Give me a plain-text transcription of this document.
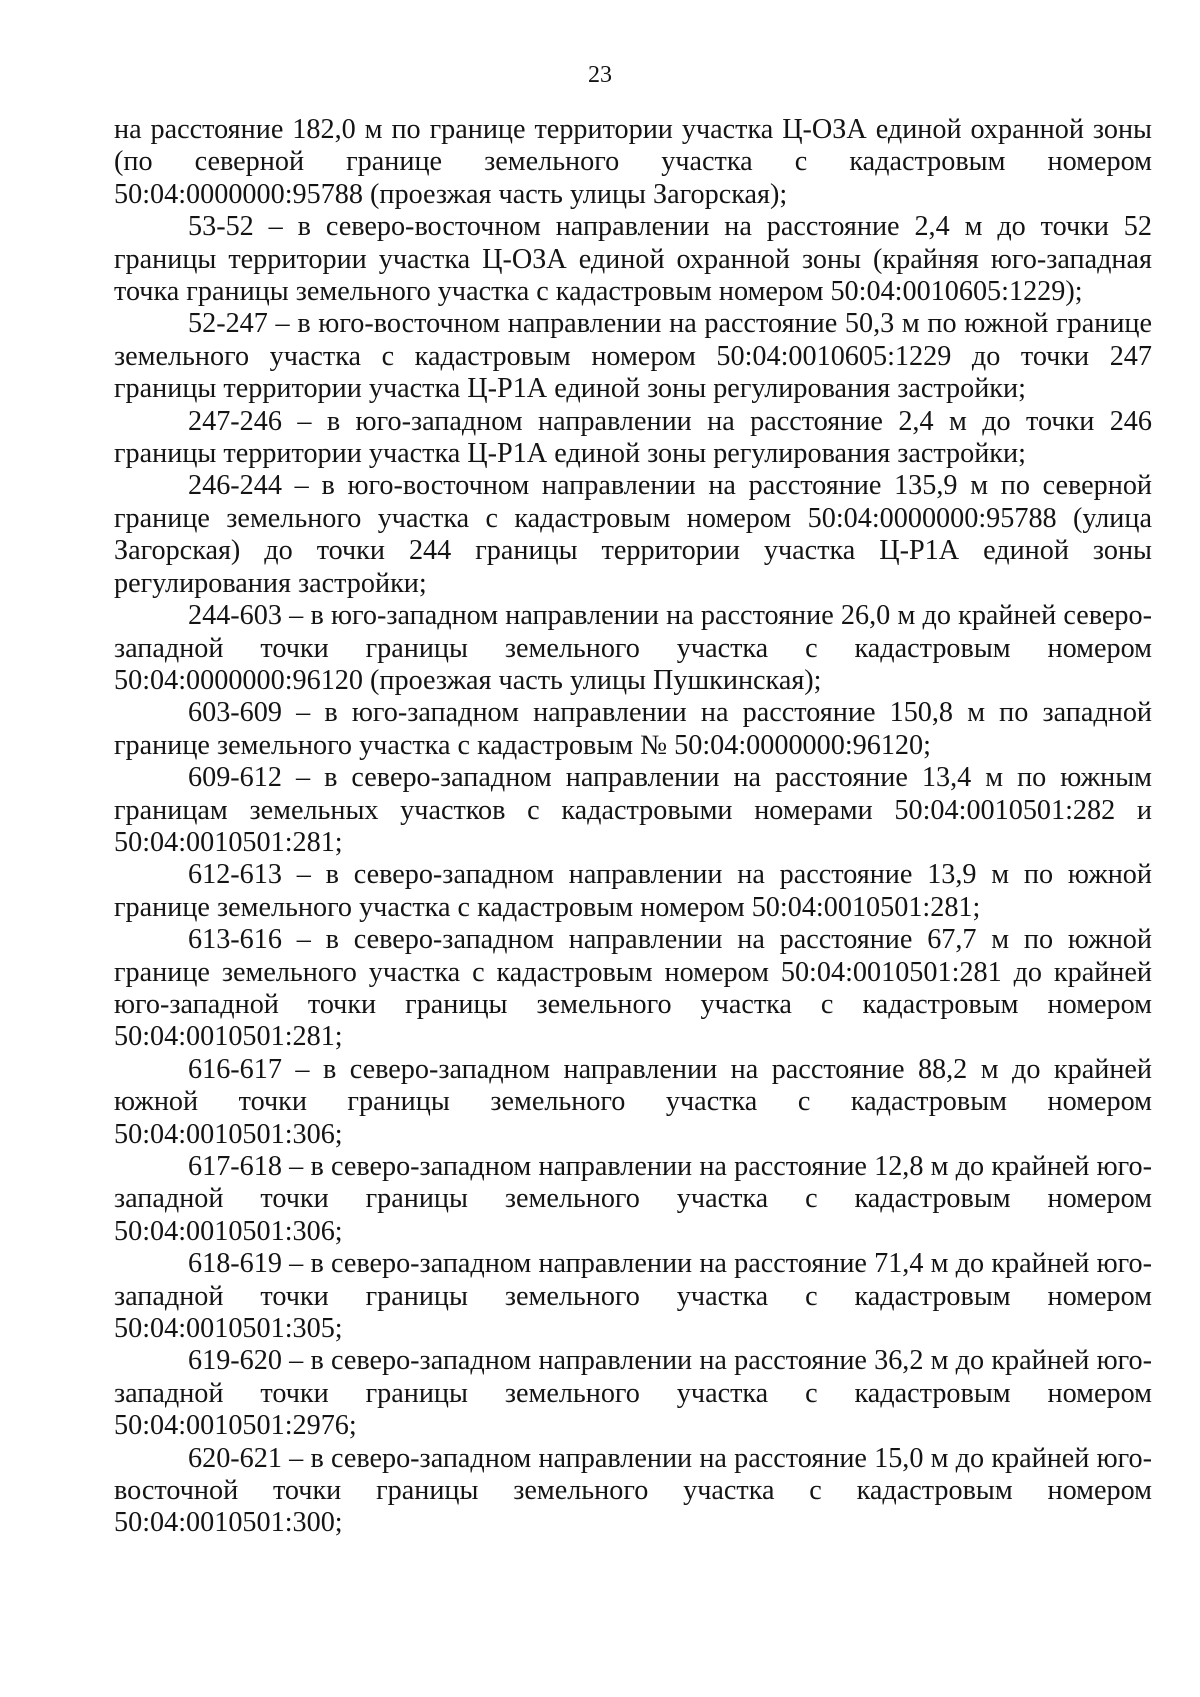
23

на расстояние 182,0 м по границе территории участка Ц-ОЗА единой охранной зоны (по северной границе земельного участка с кадастровым номером 50:04:0000000:95788 (проезжая часть улицы Загорская);

53-52 – в северо-восточном направлении на расстояние 2,4 м до точки 52 границы территории участка Ц-ОЗА единой охранной зоны (крайняя юго-западная точка границы земельного участка с кадастровым номером 50:04:0010605:1229);

52-247 – в юго-восточном направлении на расстояние 50,3 м по южной границе земельного участка с кадастровым номером 50:04:0010605:1229 до точки 247 границы территории участка Ц-Р1А единой зоны регулирования застройки;

247-246 – в юго-западном направлении на расстояние 2,4 м до точки 246 границы территории участка Ц-Р1А единой зоны регулирования застройки;

246-244 – в юго-восточном направлении на расстояние 135,9 м по северной границе земельного участка с кадастровым номером 50:04:0000000:95788 (улица Загорская) до точки 244 границы территории участка Ц-Р1А единой зоны регулирования застройки;

244-603 – в юго-западном направлении на расстояние 26,0 м до крайней северо-западной точки границы земельного участка с кадастровым номером 50:04:0000000:96120 (проезжая часть улицы Пушкинская);

603-609 – в юго-западном направлении на расстояние 150,8 м по западной границе земельного участка с кадастровым № 50:04:0000000:96120;

609-612 – в северо-западном направлении на расстояние 13,4 м по южным границам земельных участков с кадастровыми номерами 50:04:0010501:282 и 50:04:0010501:281;

612-613 – в северо-западном направлении на расстояние 13,9 м по южной границе земельного участка с кадастровым номером 50:04:0010501:281;

613-616 – в северо-западном направлении на расстояние 67,7 м по южной границе земельного участка с кадастровым номером 50:04:0010501:281 до крайней юго-западной точки границы земельного участка с кадастровым номером 50:04:0010501:281;

616-617 – в северо-западном направлении на расстояние 88,2 м до крайней южной точки границы земельного участка с кадастровым номером 50:04:0010501:306;

617-618 – в северо-западном направлении на расстояние 12,8 м до крайней юго-западной точки границы земельного участка с кадастровым номером 50:04:0010501:306;

618-619 – в северо-западном направлении на расстояние 71,4 м до крайней юго-западной точки границы земельного участка с кадастровым номером 50:04:0010501:305;

619-620 – в северо-западном направлении на расстояние 36,2 м до крайней юго-западной точки границы земельного участка с кадастровым номером 50:04:0010501:2976;

620-621 – в северо-западном направлении на расстояние 15,0 м до крайней юго-восточной точки границы земельного участка с кадастровым номером 50:04:0010501:300;
